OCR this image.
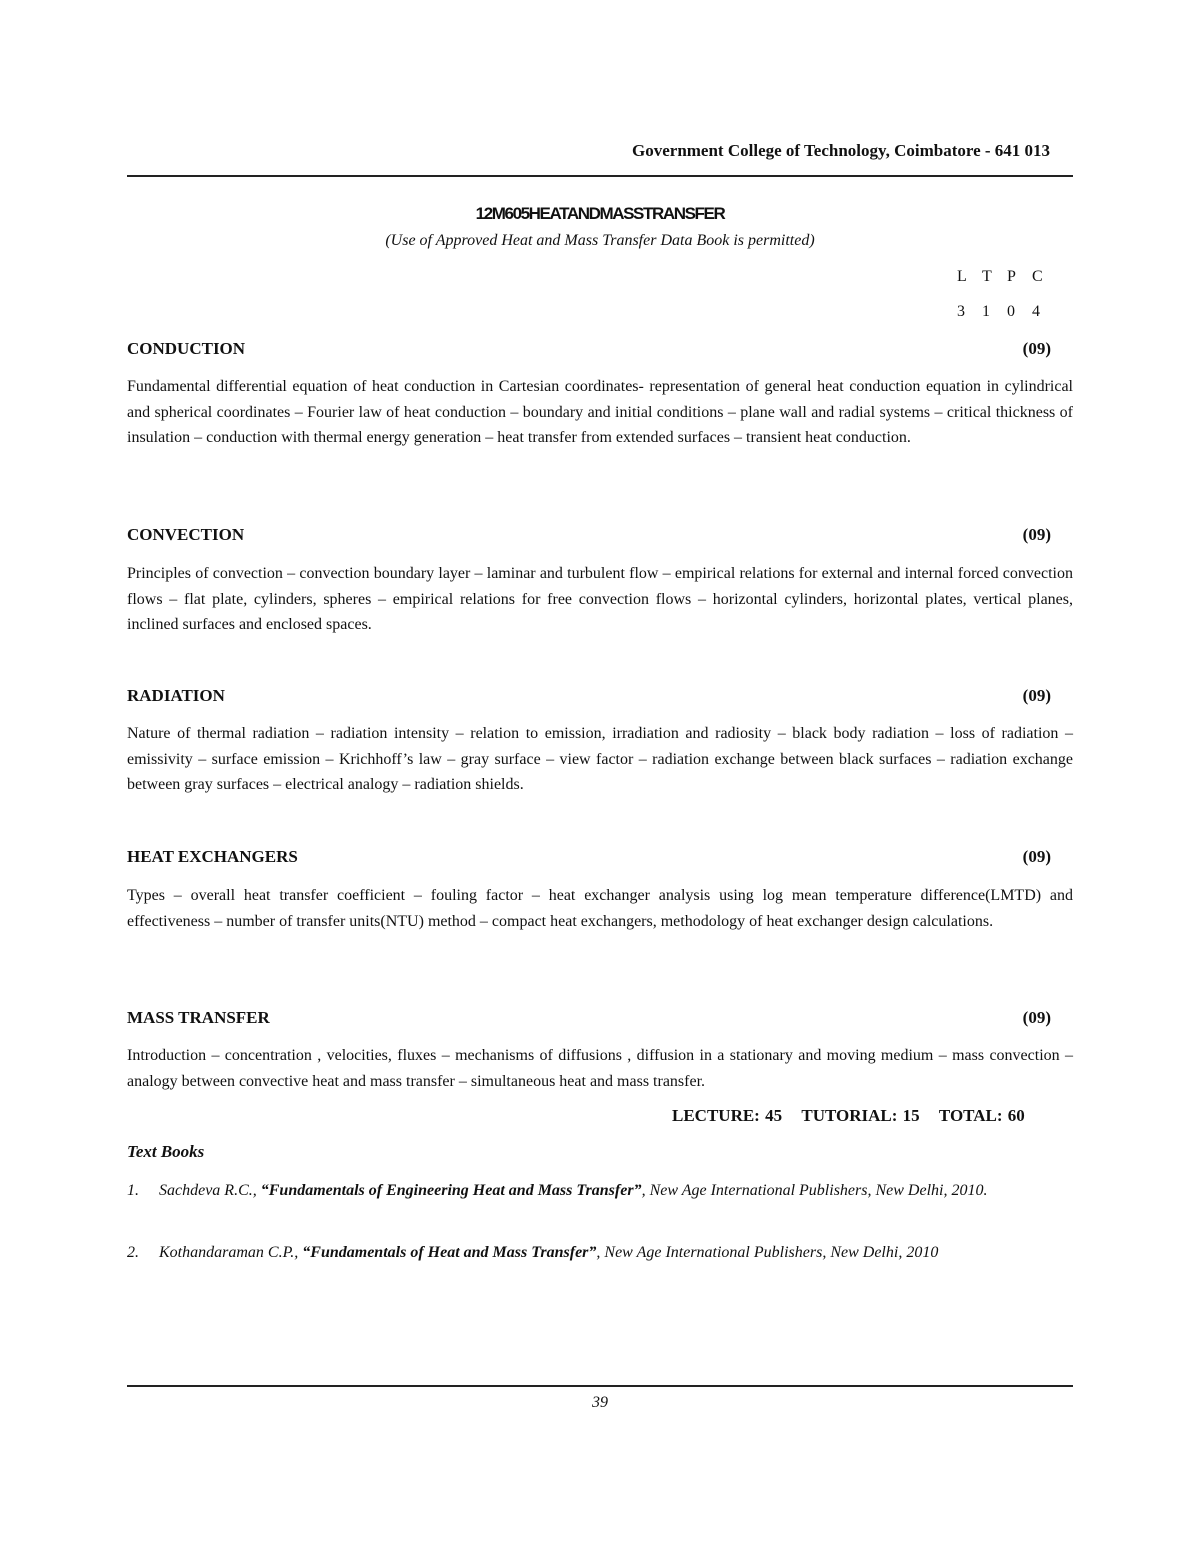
Government College of Technology, Coimbatore - 641 013
12M605HEATANDMASSTRANSFER
(Use of Approved Heat and Mass Transfer Data Book is permitted)
L T P C
3 1 0 4
CONDUCTION	(09)

Fundamental differential equation of heat conduction in Cartesian coordinates- representation of general heat conduction equation in cylindrical and spherical coordinates – Fourier law of heat conduction – boundary and initial conditions – plane wall and radial systems – critical thickness of insulation – conduction with thermal energy generation – heat transfer from extended surfaces – transient heat conduction.

CONVECTION	(09)

Principles of convection – convection boundary layer – laminar and turbulent flow – empirical relations for external and internal forced convection flows – flat plate, cylinders, spheres – empirical relations for free convection flows – horizontal cylinders, horizontal plates, vertical planes, inclined surfaces and enclosed spaces.

RADIATION	(09)

Nature of thermal radiation – radiation intensity – relation to emission, irradiation and radiosity – black body radiation – loss of radiation – emissivity – surface emission – Krichhoff’s law – gray surface – view factor – radiation exchange between black surfaces – radiation exchange between gray surfaces – electrical analogy – radiation shields.

HEAT EXCHANGERS	(09)

Types – overall heat transfer coefficient – fouling factor – heat exchanger analysis using log mean temperature difference(LMTD) and effectiveness – number of transfer units(NTU) method – compact heat exchangers, methodology of heat exchanger design calculations.

MASS TRANSFER	(09)

Introduction – concentration , velocities, fluxes – mechanisms of diffusions , diffusion in a stationary and moving medium – mass convection – analogy between convective heat and mass transfer – simultaneous heat and mass transfer.

LECTURE: 45 TUTORIAL: 15 TOTAL: 60
Text Books
1. Sachdeva R.C., “Fundamentals of Engineering Heat and Mass Transfer”, New Age International Publishers, New Delhi, 2010.
2. Kothandaraman C.P., “Fundamentals of Heat and Mass Transfer”, New Age International Publishers, New Delhi, 2010
39
